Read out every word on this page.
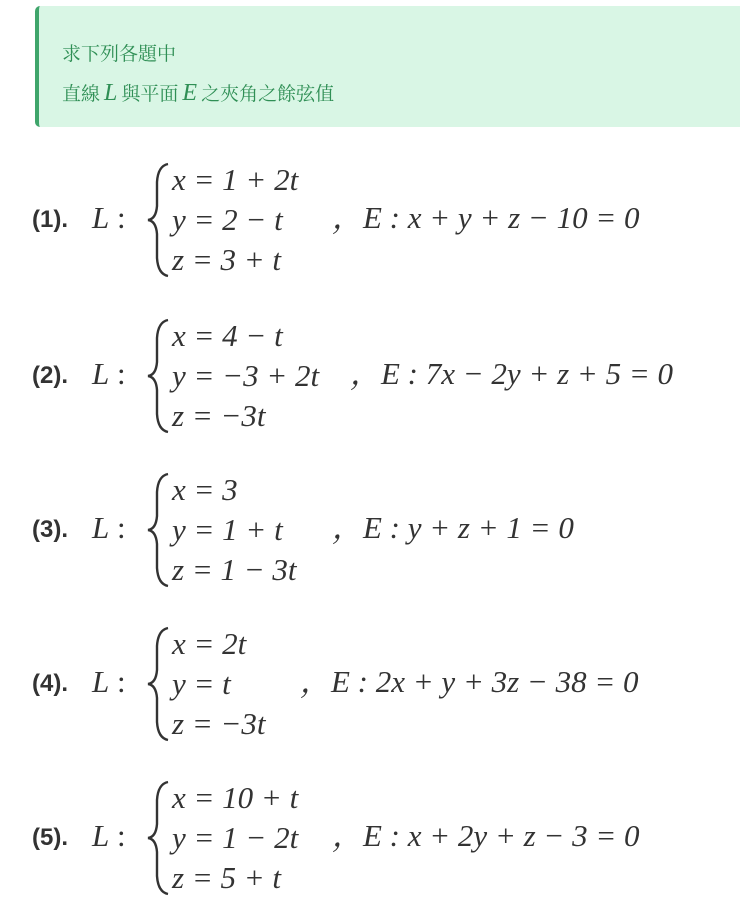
求下列各題中
直線 L 與平面 E 之夾角之餘弦值
(1). L :
x = 1 + 2t
y = 2 − t
z = 3 + t
，E : x + y + z − 10 = 0
(2). L :
x = 4 − t
y = −3 + 2t
z = −3t
，E : 7x − 2y + z + 5 = 0
(3). L :
x = 3
y = 1 + t
z = 1 − 3t
，E : y + z + 1 = 0
(4). L :
x = 2t
y = t
z = −3t
，E : 2x + y + 3z − 38 = 0
(5). L :
x = 10 + t
y = 1 − 2t
z = 5 + t
，E : x + 2y + z − 3 = 0
